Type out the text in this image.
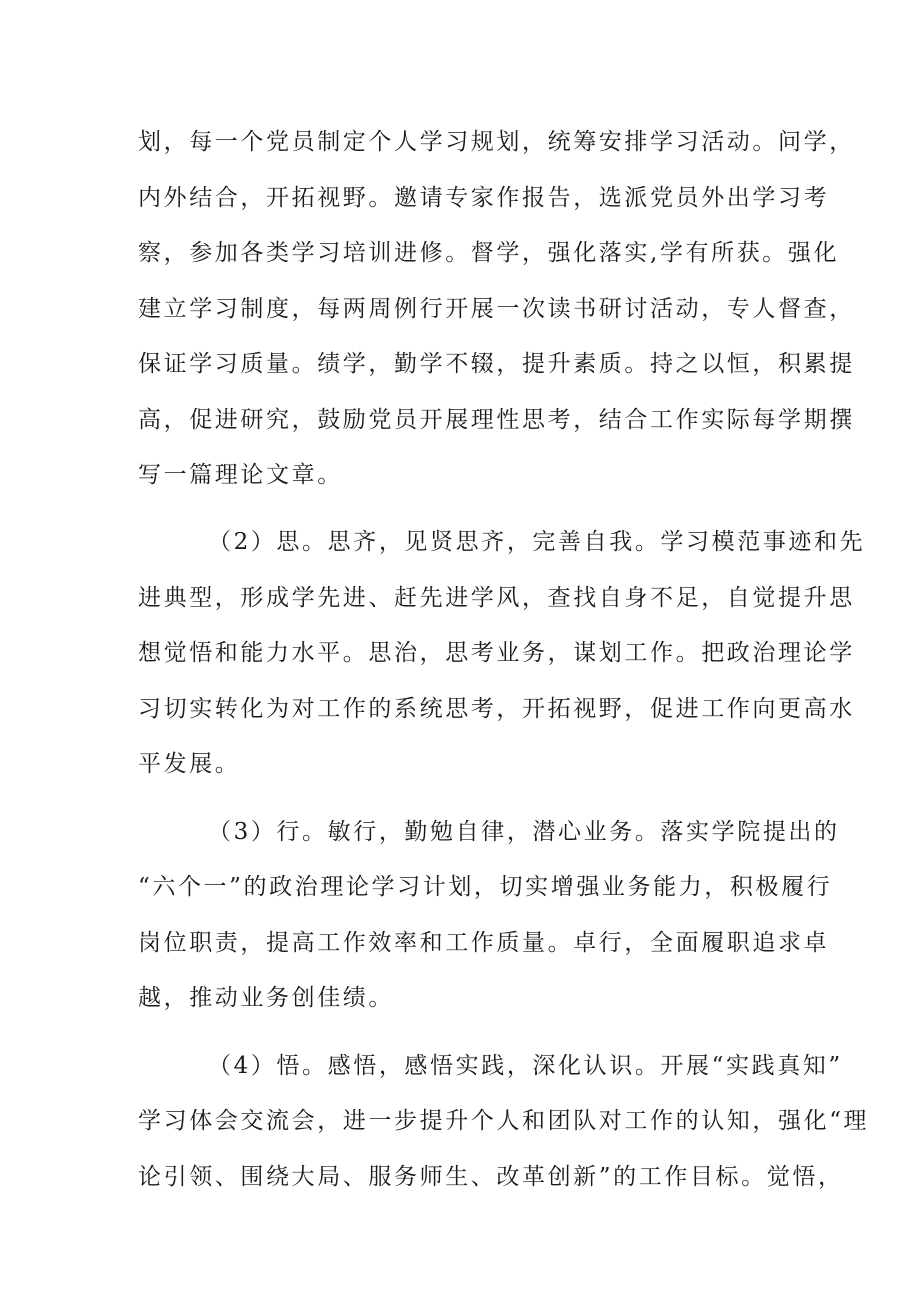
划，每一个党员制定个人学习规划，统筹安排学习活动。问学，
内外结合，开拓视野。邀请专家作报告，选派党员外出学习考
察，参加各类学习培训进修。督学，强化落实,学有所获。强化
建立学习制度，每两周例行开展一次读书研讨活动，专人督查，
保证学习质量。绩学，勤学不辍，提升素质。持之以恒，积累提
高，促进研究，鼓励党员开展理性思考，结合工作实际每学期撰
写一篇理论文章。
（2）思。思齐，见贤思齐，完善自我。学习模范事迹和先
进典型，形成学先进、赶先进学风，查找自身不足，自觉提升思
想觉悟和能力水平。思治，思考业务，谋划工作。把政治理论学
习切实转化为对工作的系统思考，开拓视野，促进工作向更高水
平发展。
（3）行。敏行，勤勉自律，潜心业务。落实学院提出的
“六个一”的政治理论学习计划，切实增强业务能力，积极履行
岗位职责，提高工作效率和工作质量。卓行，全面履职追求卓
越，推动业务创佳绩。
（4）悟。感悟，感悟实践，深化认识。开展“实践真知”
学习体会交流会，进一步提升个人和团队对工作的认知，强化“理
论引领、围绕大局、服务师生、改革创新”的工作目标。觉悟，
